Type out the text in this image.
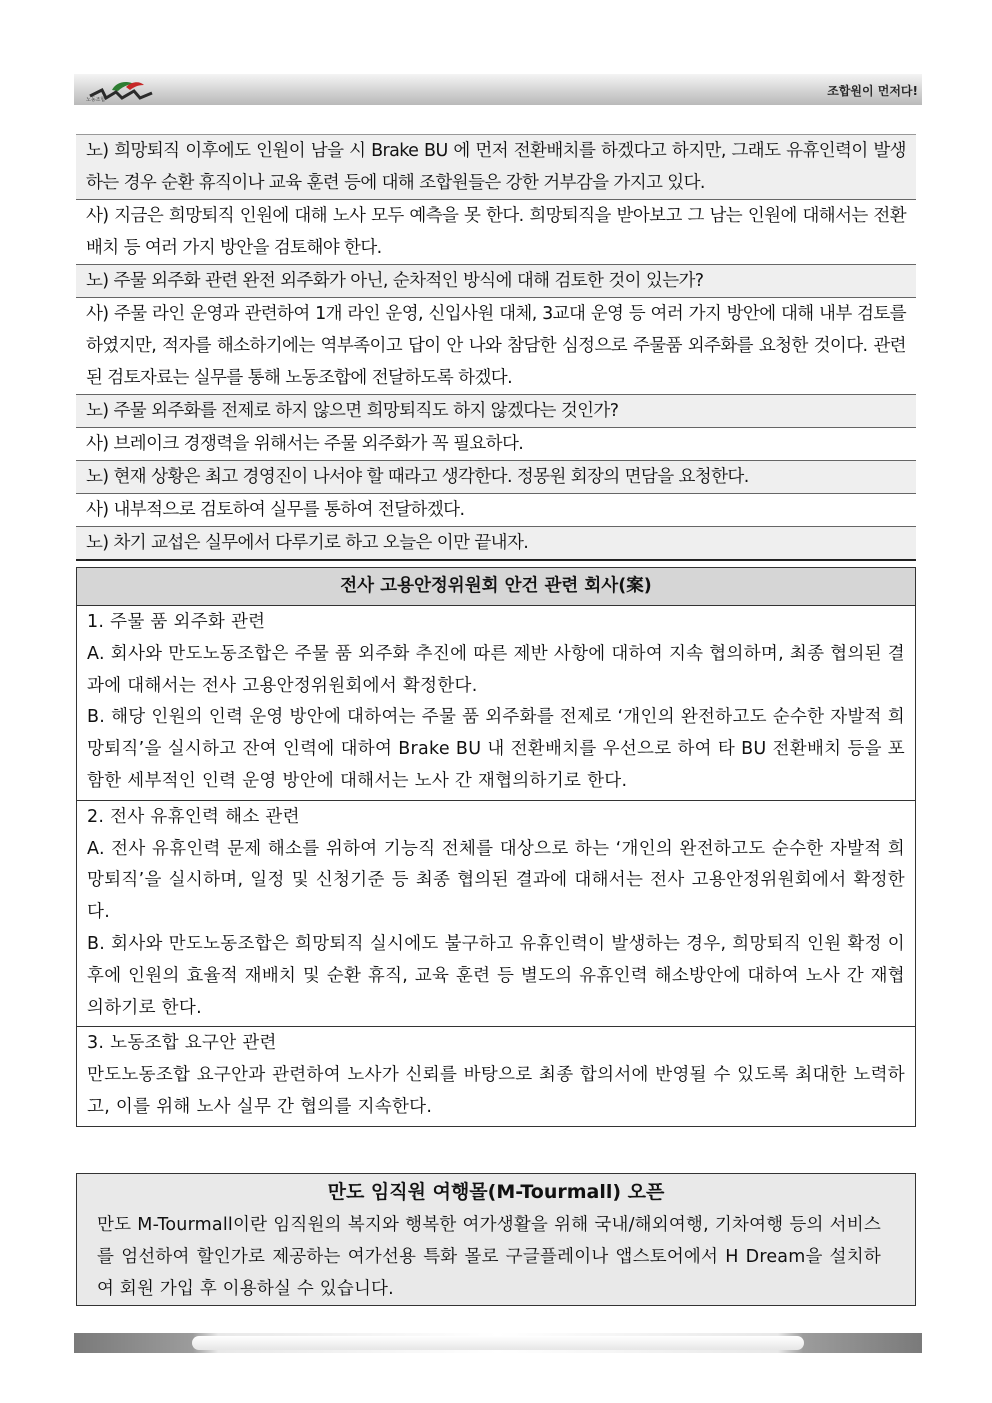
노동조합
조합원이 먼저다!
노) 희망퇴직 이후에도 인원이 남을 시 Brake BU 에 먼저 전환배치를 하겠다고 하지만, 그래도 유휴인력이 발생하는 경우 순환 휴직이나 교육 훈련 등에 대해 조합원들은 강한 거부감을 가지고 있다.
사) 지금은 희망퇴직 인원에 대해 노사 모두 예측을 못 한다. 희망퇴직을 받아보고 그 남는 인원에 대해서는 전환배치 등 여러 가지 방안을 검토해야 한다.
노) 주물 외주화 관련 완전 외주화가 아닌, 순차적인 방식에 대해 검토한 것이 있는가?
사) 주물 라인 운영과 관련하여 1개 라인 운영, 신입사원 대체, 3교대 운영 등 여러 가지 방안에 대해 내부 검토를 하였지만, 적자를 해소하기에는 역부족이고 답이 안 나와 참담한 심정으로 주물품 외주화를 요청한 것이다. 관련된 검토자료는 실무를 통해 노동조합에 전달하도록 하겠다.
노) 주물 외주화를 전제로 하지 않으면 희망퇴직도 하지 않겠다는 것인가?
사) 브레이크 경쟁력을 위해서는 주물 외주화가 꼭 필요하다.
노) 현재 상황은 최고 경영진이 나서야 할 때라고 생각한다. 정몽원 회장의 면담을 요청한다.
사) 내부적으로 검토하여 실무를 통하여 전달하겠다.
노) 차기 교섭은 실무에서 다루기로 하고 오늘은 이만 끝내자.
전사 고용안정위원회 안건 관련 회사(案)
1. 주물 품 외주화 관련
A. 회사와 만도노동조합은 주물 품 외주화 추진에 따른 제반 사항에 대하여 지속 협의하며, 최종 협의된 결과에 대해서는 전사 고용안정위원회에서 확정한다.
B. 해당 인원의 인력 운영 방안에 대하여는 주물 품 외주화를 전제로 ‘개인의 완전하고도 순수한 자발적 희망퇴직’을 실시하고 잔여 인력에 대하여 Brake BU 내 전환배치를 우선으로 하여 타 BU 전환배치 등을 포함한 세부적인 인력 운영 방안에 대해서는 노사 간 재협의하기로 한다.
2. 전사 유휴인력 해소 관련
A. 전사 유휴인력 문제 해소를 위하여 기능직 전체를 대상으로 하는 ‘개인의 완전하고도 순수한 자발적 희망퇴직’을 실시하며, 일정 및 신청기준 등 최종 협의된 결과에 대해서는 전사 고용안정위원회에서 확정한다.
B. 회사와 만도노동조합은 희망퇴직 실시에도 불구하고 유휴인력이 발생하는 경우, 희망퇴직 인원 확정 이후에 인원의 효율적 재배치 및 순환 휴직, 교육 훈련 등 별도의 유휴인력 해소방안에 대하여 노사 간 재협의하기로 한다.
3. 노동조합 요구안 관련
만도노동조합 요구안과 관련하여 노사가 신뢰를 바탕으로 최종 합의서에 반영될 수 있도록 최대한 노력하고, 이를 위해 노사 실무 간 협의를 지속한다.
만도 임직원 여행몰(M-Tourmall) 오픈
만도 M-Tourmall이란 임직원의 복지와 행복한 여가생활을 위해 국내/해외여행, 기차여행 등의 서비스를 엄선하여 할인가로 제공하는 여가선용 특화 몰로 구글플레이나 앱스토어에서 H Dream을 설치하여 회원 가입 후 이용하실 수 있습니다.
